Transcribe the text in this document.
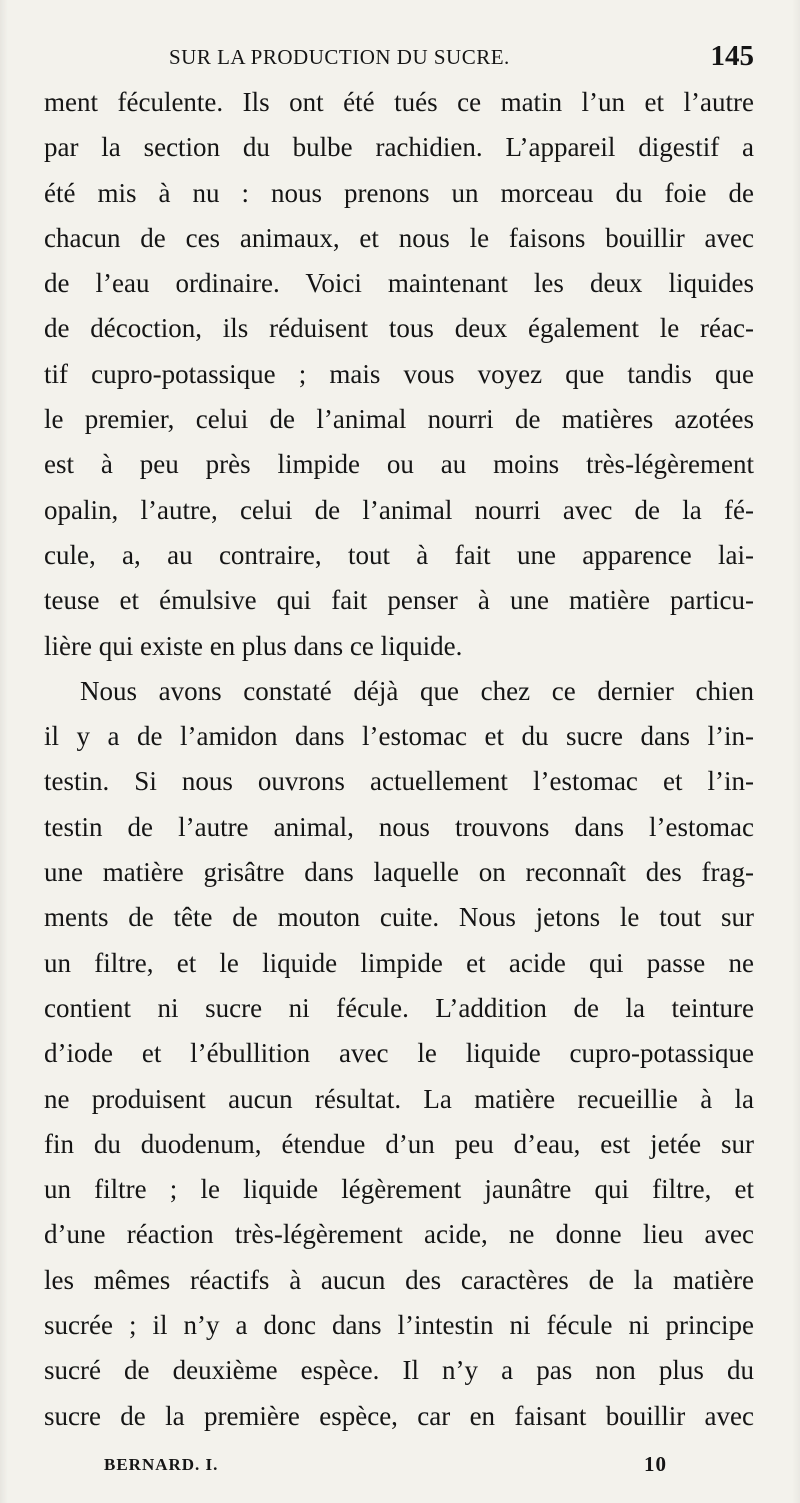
SUR LA PRODUCTION DU SUCRE.	145
ment féculente. Ils ont été tués ce matin l’un et l’autre
par la section du bulbe rachidien. L’appareil digestif a
été mis à nu : nous prenons un morceau du foie de
chacun de ces animaux, et nous le faisons bouillir avec
de l’eau ordinaire. Voici maintenant les deux liquides
de décoction, ils réduisent tous deux également le réac-
tif cupro-potassique ; mais vous voyez que tandis que
le premier, celui de l’animal nourri de matières azotées
est à peu près limpide ou au moins très-légèrement
opalin, l’autre, celui de l’animal nourri avec de la fé-
cule, a, au contraire, tout à fait une apparence lai-
teuse et émulsive qui fait penser à une matière particu-
lière qui existe en plus dans ce liquide.
Nous avons constaté déjà que chez ce dernier chien
il y a de l’amidon dans l’estomac et du sucre dans l’in-
testin. Si nous ouvrons actuellement l’estomac et l’in-
testin de l’autre animal, nous trouvons dans l’estomac
une matière grisâtre dans laquelle on reconnaît des frag-
ments de tête de mouton cuite. Nous jetons le tout sur
un filtre, et le liquide limpide et acide qui passe ne
contient ni sucre ni fécule. L’addition de la teinture
d’iode et l’ébullition avec le liquide cupro-potassique
ne produisent aucun résultat. La matière recueillie à la
fin du duodenum, étendue d’un peu d’eau, est jetée sur
un filtre ; le liquide légèrement jaunâtre qui filtre, et
d’une réaction très-légèrement acide, ne donne lieu avec
les mêmes réactifs à aucun des caractères de la matière
sucrée ; il n’y a donc dans l’intestin ni fécule ni principe
sucré de deuxième espèce. Il n’y a pas non plus du
sucre de la première espèce, car en faisant bouillir avec
BERNARD. I.	10
